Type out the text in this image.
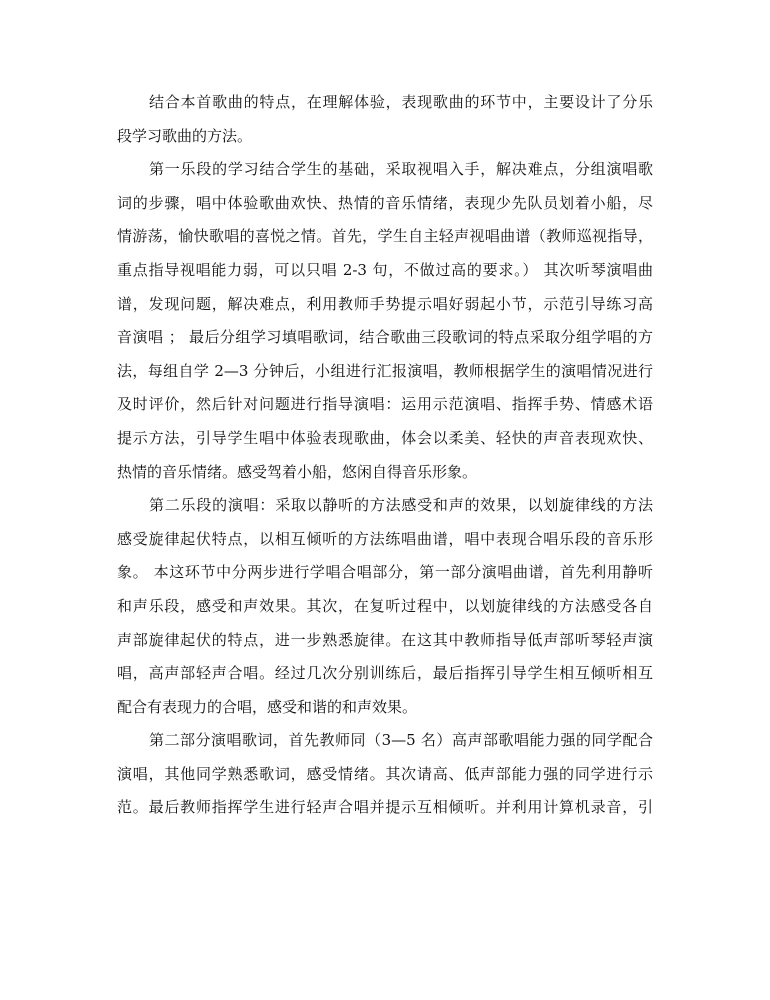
结合本首歌曲的特点，在理解体验，表现歌曲的环节中，主要设计了分乐
段学习歌曲的方法。

第一乐段的学习结合学生的基础，采取视唱入手，解决难点，分组演唱歌
词的步骤，唱中体验歌曲欢快、热情的音乐情绪，表现少先队员划着小船，尽
情游荡，愉快歌唱的喜悦之情。首先，学生自主轻声视唱曲谱（教师巡视指导，
重点指导视唱能力弱，可以只唱 2-3 句，不做过高的要求。） 其次听琴演唱曲
谱，发现问题，解决难点，利用教师手势提示唱好弱起小节，示范引导练习高
音演唱 ； 最后分组学习填唱歌词，结合歌曲三段歌词的特点采取分组学唱的方
法，每组自学 2—3 分钟后，小组进行汇报演唱，教师根据学生的演唱情况进行
及时评价，然后针对问题进行指导演唱：运用示范演唱、指挥手势、情感术语
提示方法，引导学生唱中体验表现歌曲，体会以柔美、轻快的声音表现欢快、
热情的音乐情绪。感受驾着小船，悠闲自得音乐形象。

第二乐段的演唱：采取以静听的方法感受和声的效果，以划旋律线的方法
感受旋律起伏特点，以相互倾听的方法练唱曲谱，唱中表现合唱乐段的音乐形
象。 本这环节中分两步进行学唱合唱部分，第一部分演唱曲谱，首先利用静听
和声乐段，感受和声效果。其次，在复听过程中，以划旋律线的方法感受各自
声部旋律起伏的特点，进一步熟悉旋律。在这其中教师指导低声部听琴轻声演
唱，高声部轻声合唱。经过几次分别训练后，最后指挥引导学生相互倾听相互
配合有表现力的合唱，感受和谐的和声效果。

第二部分演唱歌词，首先教师同（3—5 名）高声部歌唱能力强的同学配合
演唱，其他同学熟悉歌词，感受情绪。其次请高、低声部能力强的同学进行示
范。最后教师指挥学生进行轻声合唱并提示互相倾听。并利用计算机录音，引
